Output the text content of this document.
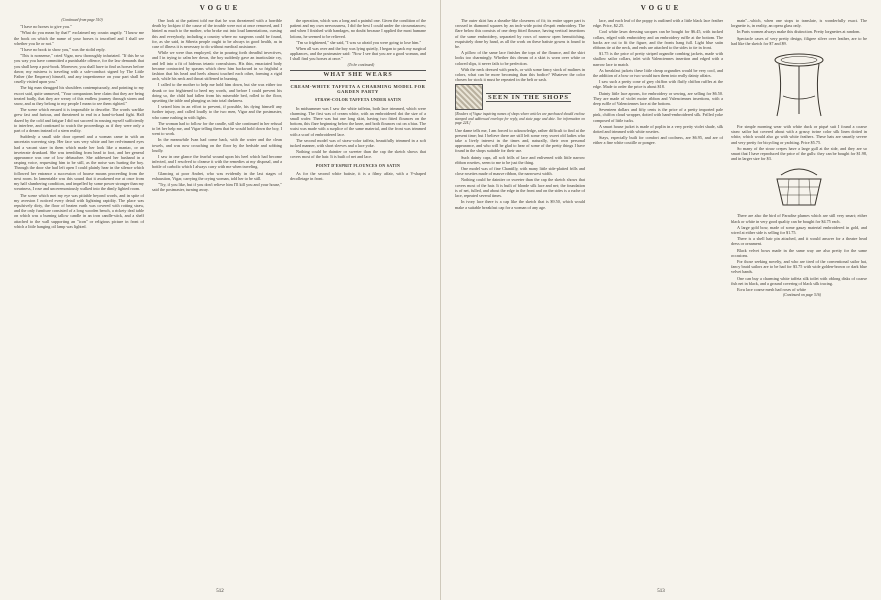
VOGUE

(Continued from page 510)

"I have no horses to give you."

"What do you mean by that?" exclaimed my cousin angrily. "I know me the book on which the name of your horses is inscribed and I shall see whether you lie or not."

"I have no book to show you," was the stolid reply.

"This is nonsense," cried Vigar, now thoroughly infuriated. "If this be so you way you have committed a punishable offence, for the law demands that you shall keep a post-book. Moreover, you shall have to find us horses before dawn; my mistress is traveling with a safe-conduct signed by The Little Father (the Emperor) himself, and any impertinence on your part shall be cruelly visited upon you."

The big man shrugged his shoulders contemptuously, and pointing to my escort said, quite unmoved, "Your companions here claim that they are being treated badly, that they are weary of this endless journey through storm and snow, and as they belong to my people I mean to see them righted."

The scene which ensued it is impossible to describe. The words warlike grew fast and furious, and threatened to end in a hand-to-hand fight. Half dazed by the cold and fatigue I did not succeed in rousing myself sufficiently to interfere, and continued to watch the proceedings as if they were only a part of a dream instead of a stern reality.

Suddenly a small side door opened and a woman came in with an uncertain wavering step. Her face was very white and her red-rimmed eyes had a vacant stare in them which made her look like a maniac, or an inveterate drunkard. She was trembling from head to foot, and her general appearance was one of low debauchee. She addressed her husband in a rasping voice, requesting him to be still, as the noise was hurting the boy. Through the door she had left open I could plainly hear in the silence which followed her entrance a succession of hoarse moans proceeding from the next room. In lamentable was this sound that it awakened me at once from my half slumbering condition, and impelled by some power stronger than my weariness, I rose and unceremoniously walked into the dimly lighted room.

The scene which met my eye was pitiable beyond words, and in spite of my aversion I noticed every detail with lightning rapidity. The place was repulsively dirty, the floor of beaten earth was covered with rotting straw, and the only furniture consisted of a long wooden bench, a rickety deal table on which was a burning tallow candle in an iron candle-stick, and a shelf attached to the wall supporting an "icon" or religious picture in front of which a little hanging oil lamp was lighted.

One look at the patient told me that he was threatened with a horrible death by lockjaw if the cause of the trouble were not at once removed, and I hinted as much to the mother, who broke out into loud lamentations, cursing this and everybody, including a country where no surgeons could be found, for, as she said, in Siberia people ought to be always in good health, as in case of illness it is necessary to do without medical assistance.

While we were thus employed, she in pouring forth dreadful invectives, and I in trying to calm her down, the boy suddenly gave an inarticulate cry, and fell into a fit of hideous tetanic convulsions. His thin, emaciated body became contracted by spasms which drew him backward in so frightful a fashion that his head and heels almost touched each other, forming a rigid arch, while his neck and throat stiffened in burning.

I called to the mother to help me hold him down, but she was either too drunk or too frightened to heed my words, and before I could prevent his doing so, the child had fallen from his miserable bed, rolled to the floor, upsetting the table and plunging us into total darkness.

I seized him in an effort to prevent, if possible, his dying himself any further injury, and called loudly to the two men, Vigar and the postmaster, who came rushing in with lights.

The woman had to follow for the candle, still she continued in her refusal to let her help me, and Vigar telling them that he would hold down the boy, I went to work.

In the meanwhile Ivan had come back, with the water and the clean towels, and was now crouching on the floor by the bedside and sobbing loudly.

I saw in one glance the fearful wound upon his heel which had become infected, and I resolved to cleanse it with the remedies at my disposal, and a bottle of carbolic which I always carry with me when traveling.

Glancing at poor Andrei, who was evidently in the last stages of exhaustion, Vigar, carrying the crying woman, told her to be still.

"Try, if you like, but if you don't relieve him I'll kill you and your house," said the postmaster, turning away.

the operation, which was a long and a painful one. Given the condition of the patient and my own nervousness, I did the best I could under the circumstances; and when I finished with bandages, no doubt because I applied the most humane lotions, he seemed to be relieved.

"I'm so frightened," she said, "I was so afraid you were going to lose him."

When all was over and the boy was lying quietly, I began to pack my surgical appliances, and the postmaster said: "Now I see that you are a good woman, and I shall find you horses at once."

(To be continued)

WHAT SHE WEARS
CREAM-WHITE TAFFETA A CHARMING MODEL FOR GARDEN PARTY
STRAW-COLOR TAFFETA UNDER SATIN

In midsummer was I saw the white taffetas, both lace trimmed, which were charming. The first was of cream white, with an embroidered dot the size of a small wafer. There was but one long skirt, having two fitted flounces on the bottom, this flare beginning below the knee, and both flounces cut on a bias. The waist was made with a surplice of the same material, and the front was trimmed with a scarf of embroidered lace.

The second model was of straw-color taffeta, beautifully trimmed in a soft tucked manner, with short sleeves and a lace yoke.

Nothing could be daintier or sweeter than the cap the sketch shows that covers most of the hair. It is built of net and lace.

POINT D'ESPRIT FLOUNCES ON SATIN

As for the second white batiste, it is a filmy affair, with a V-shaped decolletage in front.

512
VOGUE

The outer skirt has a sheathe-like closeness of fit; its entire upper part is crossed in diamond squares by an inch-wide point d'esprit embroidery. The flare below this consists of one deep fitted flounce, having vertical insertions of the same embroidery, separated by rows of narrow open hemstitching, exquisitely done by hand, as all the work on these batiste gowns is found to be.

A pillow of the same lace finishes the tops of the flounce, and the skirt looks too charmingly. Whether this dream of a skirt is worn over white or colored slips, it never fails to be perfection.

With the neck dressed with pearls, or with some fancy stock of malines in colors, what can be more becoming than this bodice? Whatever the color chosen for stock it must be repeated in the belt or sash.

SEEN IN THE SHOPS
[Readers of Vogue inquiring names of shops where articles are purchased should enclose stamped and addressed envelope for reply, and state page and date. See information on page 224.]

Une dame tells me, I am forced to acknowledge, rather difficult to find at the present time; but I believe there are still left some very sweet old ladies who take a lively interest in the times and, naturally, their own personal appearance, and who will be glad to hear of some of the pretty things I have found in the shops suitable for their use.

Such dainty caps, all soft frills of lace and enlivened with little narrow ribbon rosettes, seem to me to be just the thing.

One model was of fine Chantilly, with many little side-plaited frills and close rosettes made of mauve ribbon, the narrowest width.

Nothing could be daintier or sweeter than the cap the sketch shows that covers most of the hair. It is built of blonde silk lace and net; the foundation is of net, fulled, and about the edge in the front and on the sides is a ruche of lace, repeated several times.

In ivory lace there is a cap like the sketch that is $9.50, which would make a suitable breakfast cap for a woman of any age.

lace, and each leaf of the poppy is outlined with a little black lace feather edge. Price, $2.25.

Cool white lawn dressing sacques can be bought for $6.45, with tucked collars, edged with embroidery and an embroidery ruffle at the bottom. The backs are cut to fit the figure, and the fronts hang full. Light blue satin ribbons tie at the neck, and ends are attached to the sides to tie in front.

$1.75 is the price of pretty striped organdie combing jackets, made with shallow sailor collars, inlet with Valenciennes insertion and edged with a narrow lace to match.

As breakfast jackets these little cheap organdies would be very cool, and the addition of a bow or two would turn them into really dainty affairs.

I saw such a pretty cone of grey chiffon with fluffy chiffon ruffles at the edge. Made to order the price is about $18.

Dainty little lace aprons, for embroidery or sewing, are selling for $6.50. They are made of violet moire ribbon and Valenciennes insertions, with a deep ruffle of Valenciennes lace at the bottom.

Seventeen dollars and fifty cents is the price of a pretty imported pale pink, chiffon cloud wrapper, dotted with hand-embroidered silk. Frilled yoke composed of little tucks.

A smart house jacket is made of poplin in a very pretty violet shade, silk dotted and trimmed with white rosettes.

Stays, especially built for comfort and coolness, are $6.95, and are of either a fine white coutille or pongee.

main"...which, when one stops to translate, is wonderfully exact. The lorgnette is, in reality, an opera glass only.

In Paris women always make this distinction. Pretty lorgnettes at random.

Spectacle cases of very pretty design, filigree silver over leather, are to be had like the sketch for $7 and $9.

For simple morning wear with white duck or piqué suit I found a coarse straw sailor hat covered about with a grassy twine color silk linen dotted in white, which would also go with white feathers. These hats are smartly severe and very pretty for bicycling or yachting. Price $5.75.

So many of the straw crepes have a large gull at the side, and they are so smart that I have reproduced the price of the gulls: they can be bought for $1.98, and in larger size for $3.

There are also the bird of Paradise plumes which are still very smart; either black or white in very good quality can be bought for $4.75 each.

A large gold bow, made of some gauzy material embroidered in gold, and wired at either side is selling for $1.75.

There is a shell hair pin attached, and it would answer for a theatre head dress or ornament.

Black velvet bows made in the same way are also pretty for the same occasions.

For those seeking novelty, and who are tired of the conventional sailor hat, fancy braid sailors are to be had for $3.75 with wide golden-brown or dark blue velvet bands.

One can buy a charming white taffeta silk toilet with oblong disks of coarse fish net in black, and a ground covering of black silk tracing.

Ecru lace coarse mesh had roses of white

(Continued on page 516)

513
